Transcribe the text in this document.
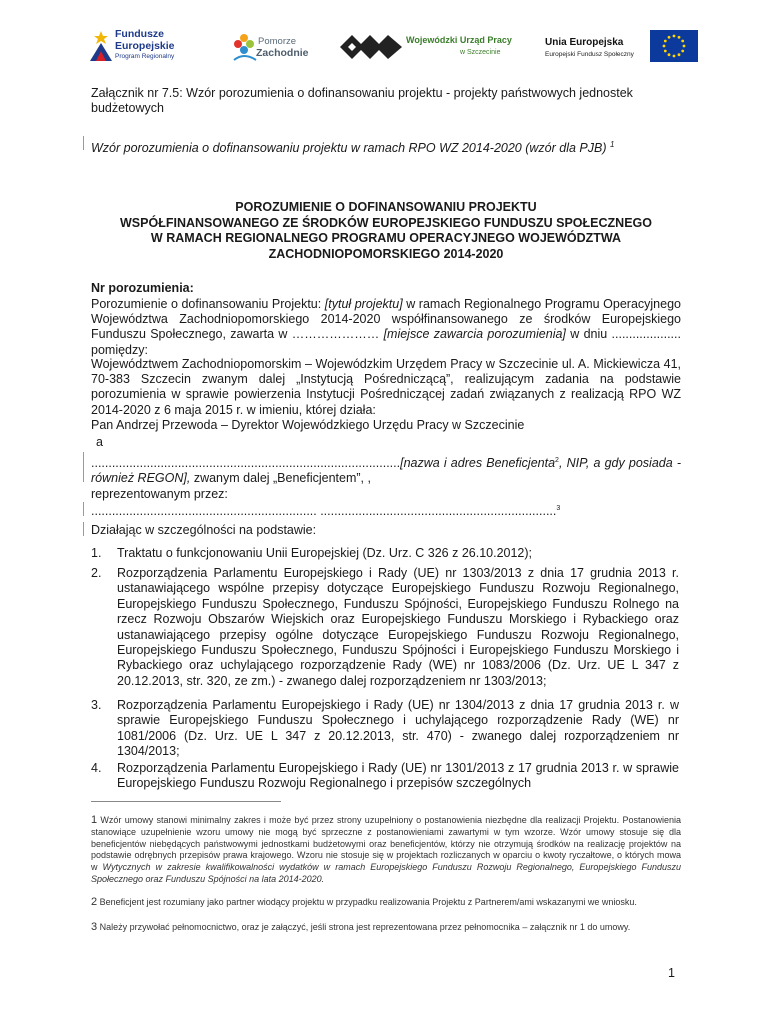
Fundusze
Europejskie
Program Regionalny
Pomorze
Zachodnie
Wojewódzki Urząd Pracy
w Szczecinie
Unia Europejska
Europejski Fundusz Społeczny

Załącznik nr 7.5: Wzór porozumienia o dofinansowaniu projektu - projekty państwowych jednostek budżetowych

Wzór porozumienia o dofinansowaniu projektu w ramach RPO WZ 2014-2020 (wzór dla PJB) $^1$

POROZUMIENIE O DOFINANSOWANIU PROJEKTU
WSPÓŁFINANSOWANEGO ZE ŚRODKÓW EUROPEJSKIEGO FUNDUSZU SPOŁECZNEGO
W RAMACH REGIONALNEGO PROGRAMU OPERACYJNEGO WOJEWÓDZTWA
ZACHODNIOPOMORSKIEGO 2014-2020

Nr porozumienia:

Porozumienie o dofinansowaniu Projektu: [tytuł projektu] w ramach Regionalnego Programu Operacyjnego Województwa Zachodniopomorskiego 2014-2020 współfinansowanego ze środków Europejskiego Funduszu Społecznego, zawarta w ………………… [miejsce zawarcia porozumienia] w dniu .................... pomiędzy:

Województwem Zachodniopomorskim – Wojewódzkim Urzędem Pracy w Szczecinie ul. A. Mickiewicza 41, 70-383 Szczecin zwanym dalej „Instytucją Pośredniczącą”, realizującym zadania na podstawie porozumienia w sprawie powierzenia Instytucji Pośredniczącej zadań związanych z realizacją RPO WZ 2014-2020 z 6 maja 2015 r. w imieniu, której działa:

Pan Andrzej Przewoda – Dyrektor Wojewódzkiego Urzędu Pracy w Szczecinie

a

.........................................................................................[nazwa i adres Beneficjenta$^2$, NIP, a gdy posiada - również REGON], zwanym dalej „Beneficjentem”, ,

reprezentowanym przez:

................................................................. ....................................................................$^3$

Działając w szczególności na podstawie:

1. Traktatu o funkcjonowaniu Unii Europejskiej (Dz. Urz. C 326 z 26.10.2012);
2. Rozporządzenia Parlamentu Europejskiego i Rady (UE) nr 1303/2013 z dnia 17 grudnia 2013 r. ustanawiającego wspólne przepisy dotyczące Europejskiego Funduszu Rozwoju Regionalnego, Europejskiego Funduszu Społecznego, Funduszu Spójności, Europejskiego Funduszu Rolnego na rzecz Rozwoju Obszarów Wiejskich oraz Europejskiego Funduszu Morskiego i Rybackiego oraz ustanawiającego przepisy ogólne dotyczące Europejskiego Funduszu Rozwoju Regionalnego, Europejskiego Funduszu Społecznego, Funduszu Spójności i Europejskiego Funduszu Morskiego i Rybackiego oraz uchylającego rozporządzenie Rady (WE) nr 1083/2006 (Dz. Urz. UE L 347 z 20.12.2013, str. 320, ze zm.) - zwanego dalej rozporządzeniem nr 1303/2013;
3. Rozporządzenia Parlamentu Europejskiego i Rady (UE) nr 1304/2013 z dnia 17 grudnia 2013 r. w sprawie Europejskiego Funduszu Społecznego i uchylającego rozporządzenie Rady (WE) nr 1081/2006 (Dz. Urz. UE L 347 z 20.12.2013, str. 470) - zwanego dalej rozporządzeniem nr 1304/2013;
4. Rozporządzenia Parlamentu Europejskiego i Rady (UE) nr 1301/2013 z 17 grudnia 2013 r. w sprawie Europejskiego Funduszu Rozwoju Regionalnego i przepisów szczególnych

1 Wzór umowy stanowi minimalny zakres i może być przez strony uzupełniony o postanowienia niezbędne dla realizacji Projektu. Postanowienia stanowiące uzupełnienie wzoru umowy nie mogą być sprzeczne z postanowieniami zawartymi w tym wzorze. Wzór umowy stosuje się dla beneficjentów niebędących państwowymi jednostkami budżetowymi oraz beneficjentów, którzy nie otrzymują środków na realizację projektów na podstawie odrębnych przepisów prawa krajowego. Wzoru nie stosuje się w projektach rozliczanych w oparciu o kwoty ryczałtowe, o których mowa w Wytycznych w zakresie kwalifikowalności wydatków w ramach Europejskiego Funduszu Rozwoju Regionalnego, Europejskiego Funduszu Społecznego oraz Funduszu Spójności na lata 2014-2020.

2 Beneficjent jest rozumiany jako partner wiodący projektu w przypadku realizowania Projektu z Partnerem/ami wskazanymi we wniosku.

3 Należy przywołać pełnomocnictwo, oraz je załączyć, jeśli strona jest reprezentowana przez pełnomocnika – załącznik nr 1 do umowy.

1
